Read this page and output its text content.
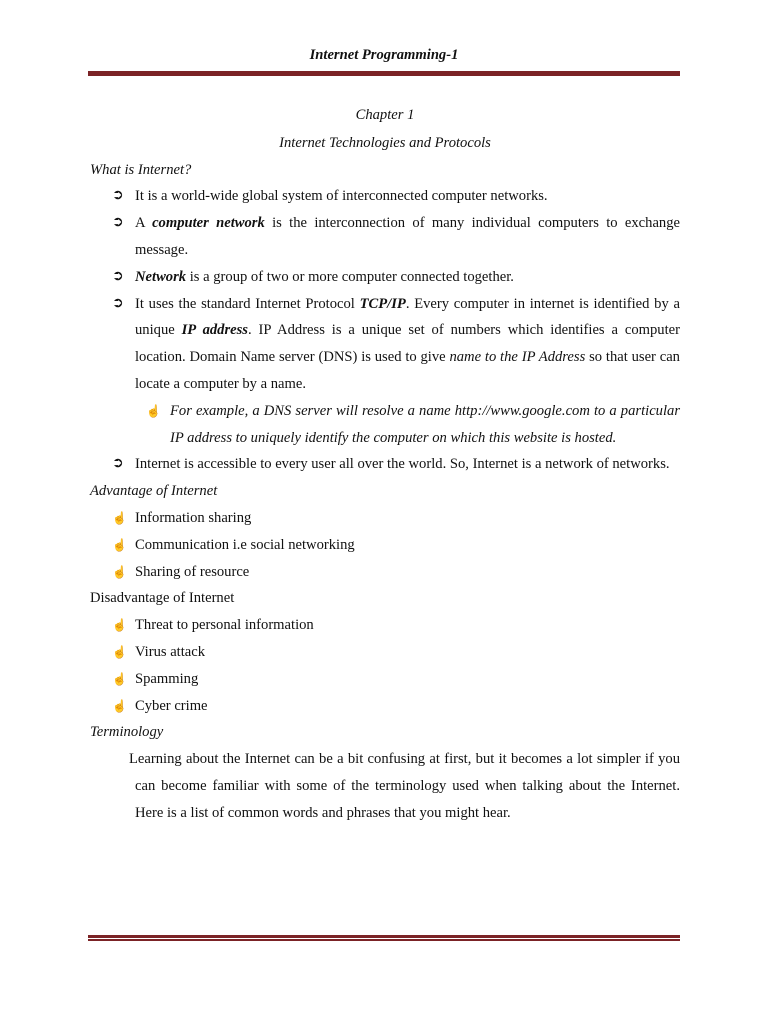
Internet Programming-1
Chapter 1
Internet Technologies and Protocols
What is Internet?
➲ It is a world-wide global system of interconnected computer networks.
➲ A computer network is the interconnection of many individual computers to exchange message.
➲ Network is a group of two or more computer connected together.
➲ It uses the standard Internet Protocol TCP/IP. Every computer in internet is identified by a unique IP address. IP Address is a unique set of numbers which identifies a computer location. Domain Name server (DNS) is used to give name to the IP Address so that user can locate a computer by a name.
☝ For example, a DNS server will resolve a name http://www.google.com to a particular IP address to uniquely identify the computer on which this website is hosted.
➲ Internet is accessible to every user all over the world. So, Internet is a network of networks.
Advantage of Internet
☝ Information sharing
☝ Communication i.e social networking
☝ Sharing of resource
Disadvantage of Internet
☝ Threat to personal information
☝ Virus attack
☝ Spamming
☝ Cyber crime
Terminology
Learning about the Internet can be a bit confusing at first, but it becomes a lot simpler if you can become familiar with some of the terminology used when talking about the Internet. Here is a list of common words and phrases that you might hear.
